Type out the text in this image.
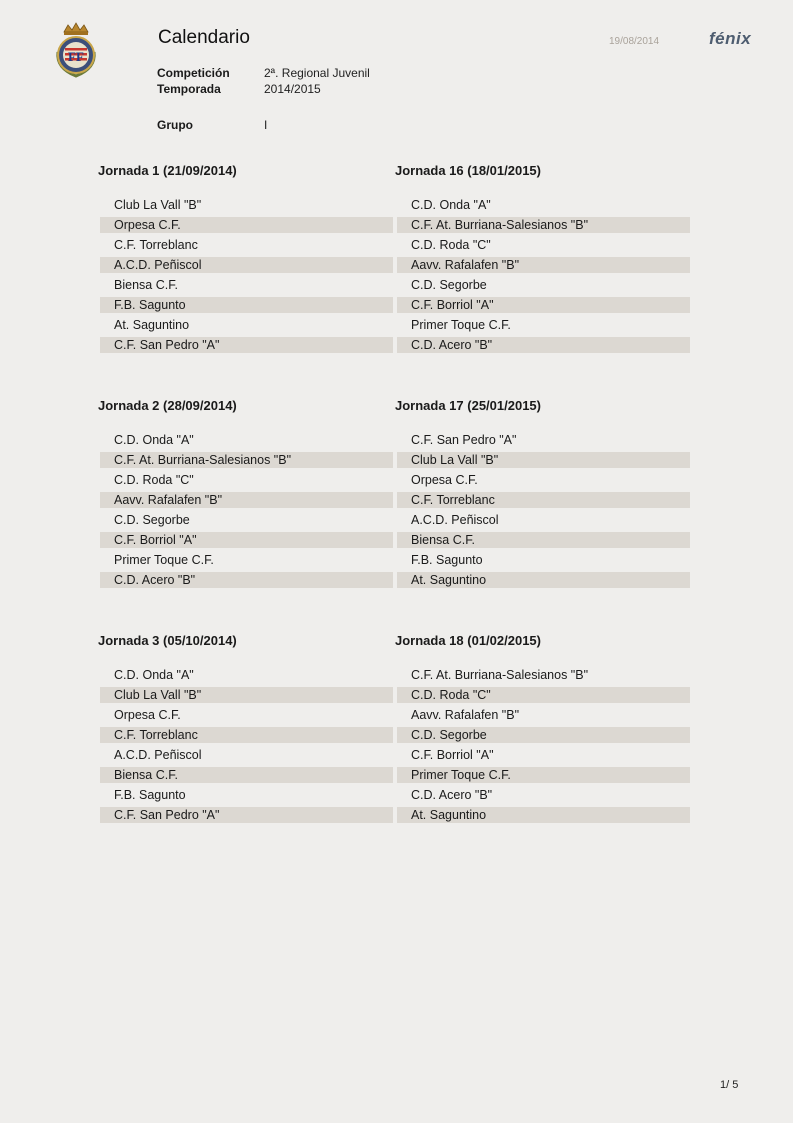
FF
Calendario	19/08/2014	fénix
Competición	2ª. Regional Juvenil
Temporada	2014/2015
Grupo	I
Jornada 1 (21/09/2014)
Club La Vall "B"
Orpesa C.F.
C.F. Torreblanc
A.C.D. Peñiscol
Biensa C.F.
F.B. Sagunto
At. Saguntino
C.F. San Pedro "A"
Jornada 16 (18/01/2015)
C.D. Onda "A"
C.F. At. Burriana-Salesianos "B"
C.D. Roda "C"
Aavv. Rafalafen "B"
C.D. Segorbe
C.F. Borriol "A"
Primer Toque C.F.
C.D. Acero "B"
Jornada 2 (28/09/2014)
C.D. Onda "A"
C.F. At. Burriana-Salesianos "B"
C.D. Roda "C"
Aavv. Rafalafen "B"
C.D. Segorbe
C.F. Borriol "A"
Primer Toque C.F.
C.D. Acero "B"
Jornada 17 (25/01/2015)
C.F. San Pedro "A"
Club La Vall "B"
Orpesa C.F.
C.F. Torreblanc
A.C.D. Peñiscol
Biensa C.F.
F.B. Sagunto
At. Saguntino
Jornada 3 (05/10/2014)
C.D. Onda "A"
Club La Vall "B"
Orpesa C.F.
C.F. Torreblanc
A.C.D. Peñiscol
Biensa C.F.
F.B. Sagunto
C.F. San Pedro "A"
Jornada 18 (01/02/2015)
C.F. At. Burriana-Salesianos "B"
C.D. Roda "C"
Aavv. Rafalafen "B"
C.D. Segorbe
C.F. Borriol "A"
Primer Toque C.F.
C.D. Acero "B"
At. Saguntino
1/ 5
